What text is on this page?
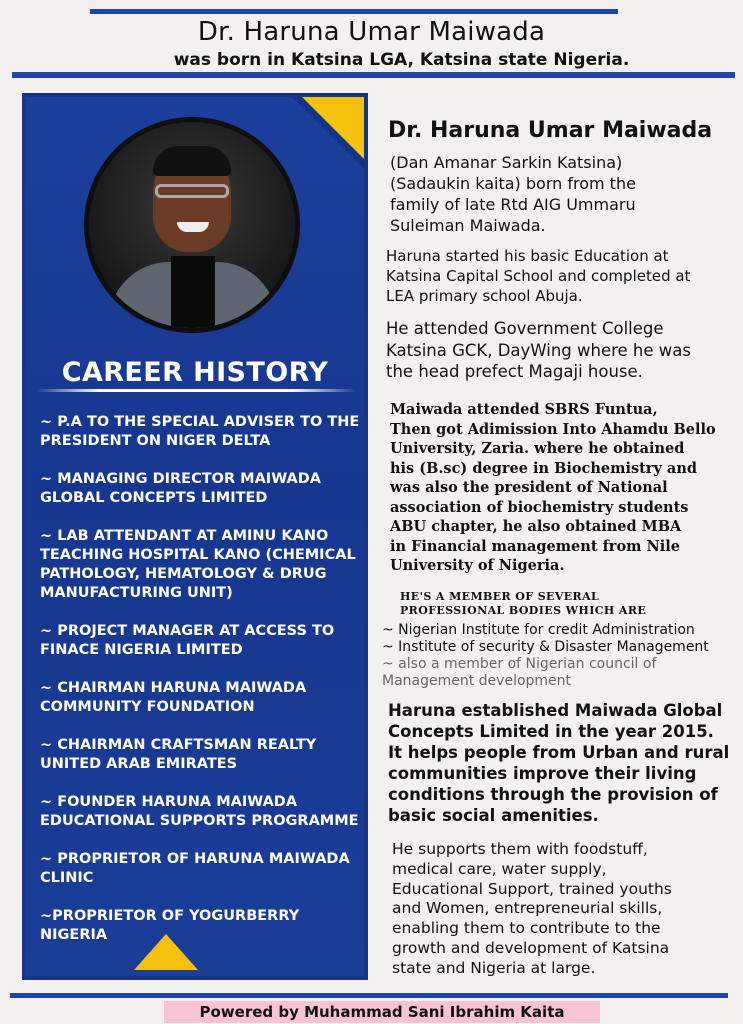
Dr. Haruna Umar Maiwada
was born in Katsina LGA, Katsina state Nigeria.
CAREER HISTORY
~ P.A TO THE SPECIAL ADVISER TO THE
PRESIDENT ON NIGER DELTA
~ MANAGING DIRECTOR MAIWADA
GLOBAL CONCEPTS LIMITED
~ LAB ATTENDANT AT AMINU KANO
TEACHING HOSPITAL KANO (CHEMICAL
PATHOLOGY, HEMATOLOGY & DRUG
MANUFACTURING UNIT)
~ PROJECT MANAGER AT ACCESS TO
FINACE NIGERIA LIMITED
~ CHAIRMAN HARUNA MAIWADA
COMMUNITY FOUNDATION
~ CHAIRMAN CRAFTSMAN REALTY
UNITED ARAB EMIRATES
~ FOUNDER HARUNA MAIWADA
EDUCATIONAL SUPPORTS PROGRAMME
~ PROPRIETOR OF HARUNA MAIWADA
CLINIC
~PROPRIETOR OF YOGURBERRY
NIGERIA
Dr. Haruna Umar Maiwada
(Dan Amanar Sarkin Katsina)
(Sadaukin kaita) born from the
family of late Rtd AIG Ummaru
Suleiman Maiwada.
Haruna started his basic Education at
Katsina Capital School and completed at
LEA primary school Abuja.
He attended Government College
Katsina GCK, DayWing where he was
the head prefect Magaji house.
Maiwada attended SBRS Funtua,
Then got Adimission Into Ahamdu Bello
University, Zaria. where he obtained
his (B.sc) degree in Biochemistry and
was also the president of National
association of biochemistry students
ABU chapter, he also obtained MBA
in Financial management from Nile
University of Nigeria.
HE'S A MEMBER OF SEVERAL
PROFESSIONAL BODIES WHICH ARE
~ Nigerian Institute for credit Administration
~ Institute of security & Disaster Management
~ also a member of Nigerian council of
Management development
Haruna established Maiwada Global
Concepts Limited in the year 2015.
It helps people from Urban and rural
communities improve their living
conditions through the provision of
basic social amenities.
He supports them with foodstuff,
medical care, water supply,
Educational Support, trained youths
and Women, entrepreneurial skills,
enabling them to contribute to the
growth and development of Katsina
state and Nigeria at large.
Powered by Muhammad Sani Ibrahim Kaita
